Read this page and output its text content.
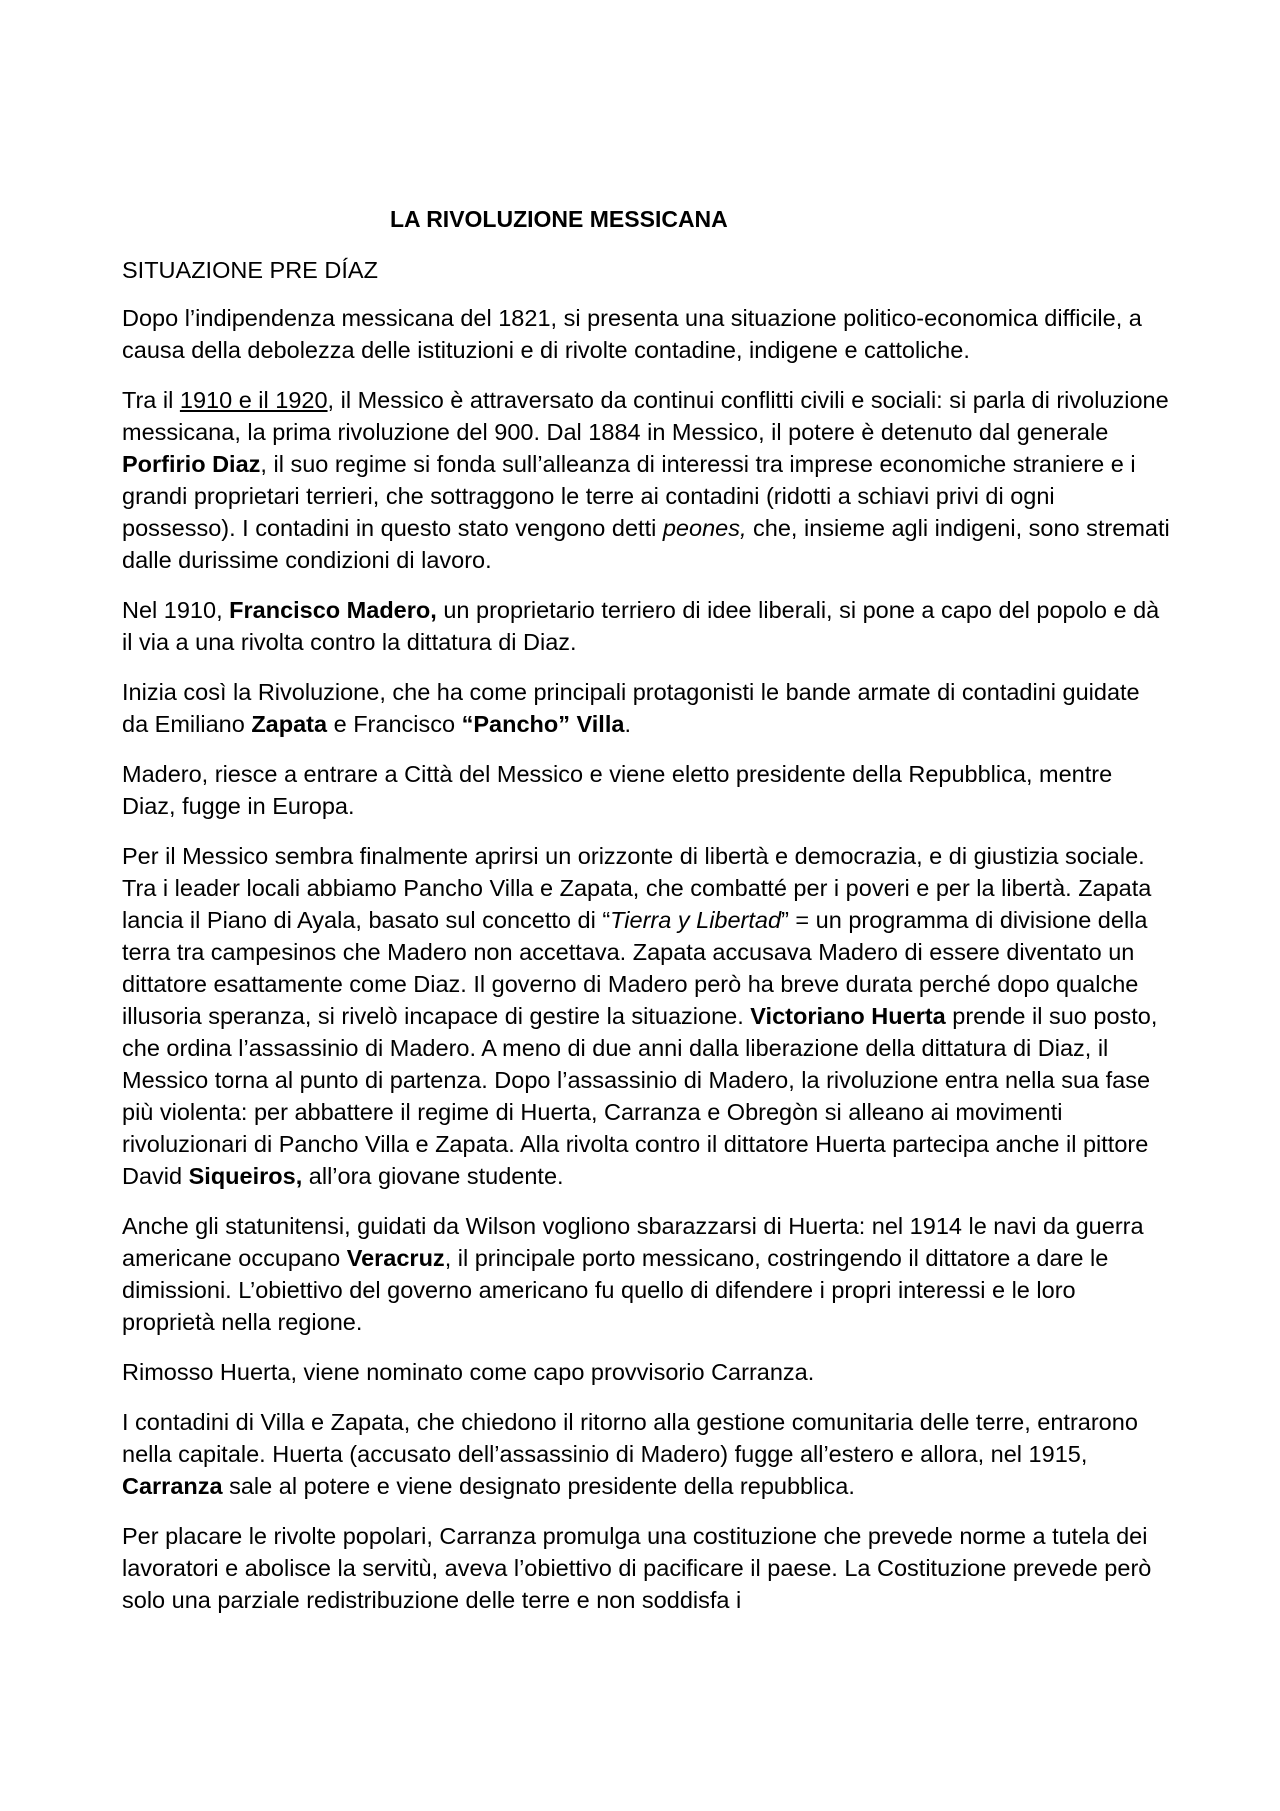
LA RIVOLUZIONE MESSICANA
SITUAZIONE PRE DÍAZ

Dopo l’indipendenza messicana del 1821, si presenta una situazione politico-economica difficile, a causa della debolezza delle istituzioni e di rivolte contadine, indigene e cattoliche.

Tra il 1910 e il 1920, il Messico è attraversato da continui conflitti civili e sociali: si parla di rivoluzione messicana, la prima rivoluzione del 900. Dal 1884 in Messico, il potere è detenuto dal generale Porfirio Diaz, il suo regime si fonda sull’alleanza di interessi tra imprese economiche straniere e i grandi proprietari terrieri, che sottraggono le terre ai contadini (ridotti a schiavi privi di ogni possesso). I contadini in questo stato vengono detti peones, che, insieme agli indigeni, sono stremati dalle durissime condizioni di lavoro.

Nel 1910, Francisco Madero, un proprietario terriero di idee liberali, si pone a capo del popolo e dà il via a una rivolta contro la dittatura di Diaz.

Inizia così la Rivoluzione, che ha come principali protagonisti le bande armate di contadini guidate da Emiliano Zapata e Francisco “Pancho” Villa.

Madero, riesce a entrare a Città del Messico e viene eletto presidente della Repubblica, mentre Diaz, fugge in Europa.

Per il Messico sembra finalmente aprirsi un orizzonte di libertà e democrazia, e di giustizia sociale. Tra i leader locali abbiamo Pancho Villa e Zapata, che combatté per i poveri e per la libertà. Zapata lancia il Piano di Ayala, basato sul concetto di “Tierra y Libertad” = un programma di divisione della terra tra campesinos che Madero non accettava. Zapata accusava Madero di essere diventato un dittatore esattamente come Diaz. Il governo di Madero però ha breve durata perché dopo qualche illusoria speranza, si rivelò incapace di gestire la situazione. Victoriano Huerta prende il suo posto, che ordina l’assassinio di Madero. A meno di due anni dalla liberazione della dittatura di Diaz, il Messico torna al punto di partenza. Dopo l’assassinio di Madero, la rivoluzione entra nella sua fase più violenta: per abbattere il regime di Huerta, Carranza e Obregòn si alleano ai movimenti rivoluzionari di Pancho Villa e Zapata. Alla rivolta contro il dittatore Huerta partecipa anche il pittore David Siqueiros, all’ora giovane studente.

Anche gli statunitensi, guidati da Wilson vogliono sbarazzarsi di Huerta: nel 1914 le navi da guerra americane occupano Veracruz, il principale porto messicano, costringendo il dittatore a dare le dimissioni. L’obiettivo del governo americano fu quello di difendere i propri interessi e le loro proprietà nella regione.

Rimosso Huerta, viene nominato come capo provvisorio Carranza.

I contadini di Villa e Zapata, che chiedono il ritorno alla gestione comunitaria delle terre, entrarono nella capitale. Huerta (accusato dell’assassinio di Madero) fugge all’estero e allora, nel 1915, Carranza sale al potere e viene designato presidente della repubblica.

Per placare le rivolte popolari, Carranza promulga una costituzione che prevede norme a tutela dei lavoratori e abolisce la servitù, aveva l’obiettivo di pacificare il paese. La Costituzione prevede però solo una parziale redistribuzione delle terre e non soddisfa i
